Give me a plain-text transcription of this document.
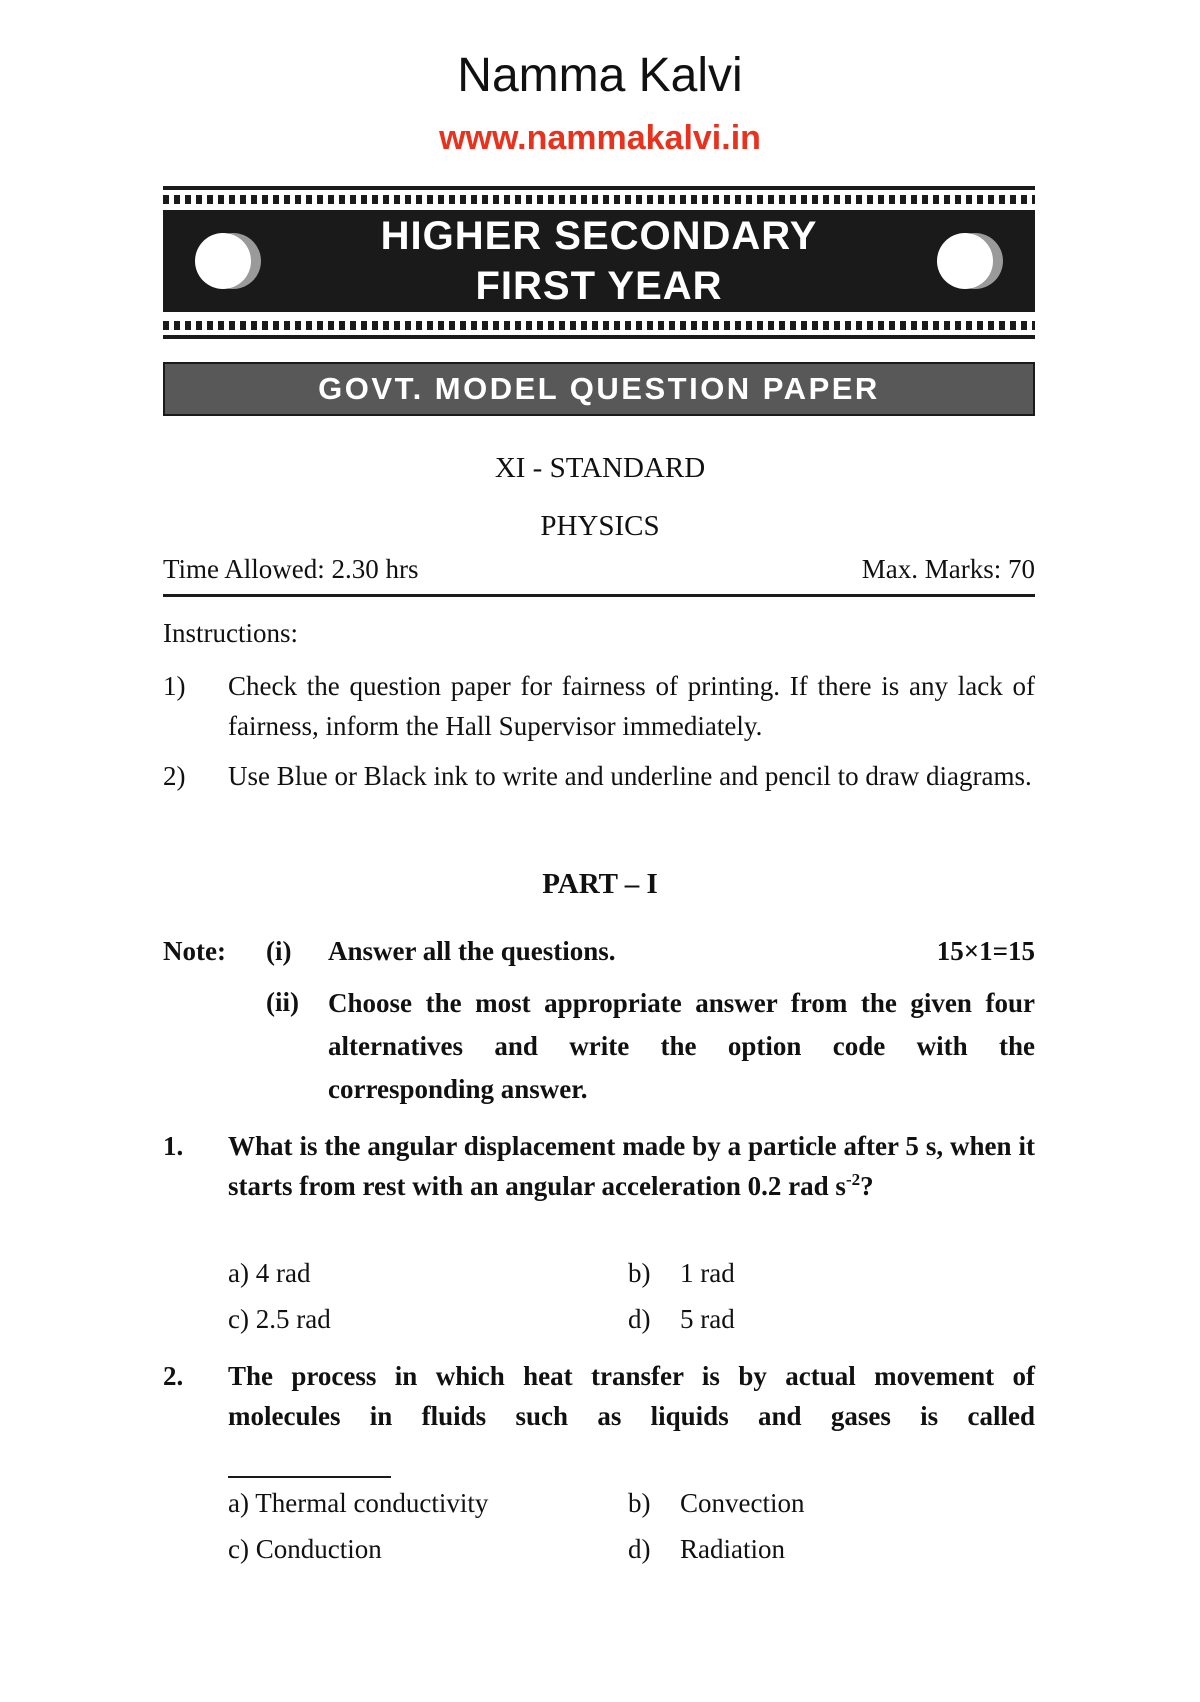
Namma Kalvi
www.nammakalvi.in
HIGHER SECONDARY
FIRST YEAR
GOVT. MODEL QUESTION PAPER
XI - STANDARD
PHYSICS
Time Allowed: 2.30 hrs	Max. Marks: 70
Instructions:
1) Check the question paper for fairness of printing. If there is any lack of fairness, inform the Hall Supervisor immediately.
2) Use Blue or Black ink to write and underline and pencil to draw diagrams.
PART – I
Note: (i) Answer all the questions.	15×1=15
(ii) Choose the most appropriate answer from the given four alternatives and write the option code with the corresponding answer.
1. What is the angular displacement made by a particle after 5 s, when it starts from rest with an angular acceleration 0.2 rad $s^{-2}$?
a) 4 rad	b) 1 rad
c) 2.5 rad	d) 5 rad
2. The process in which heat transfer is by actual movement of molecules in fluids such as liquids and gases is called
a) Thermal conductivity	b) Convection
c) Conduction	d) Radiation
